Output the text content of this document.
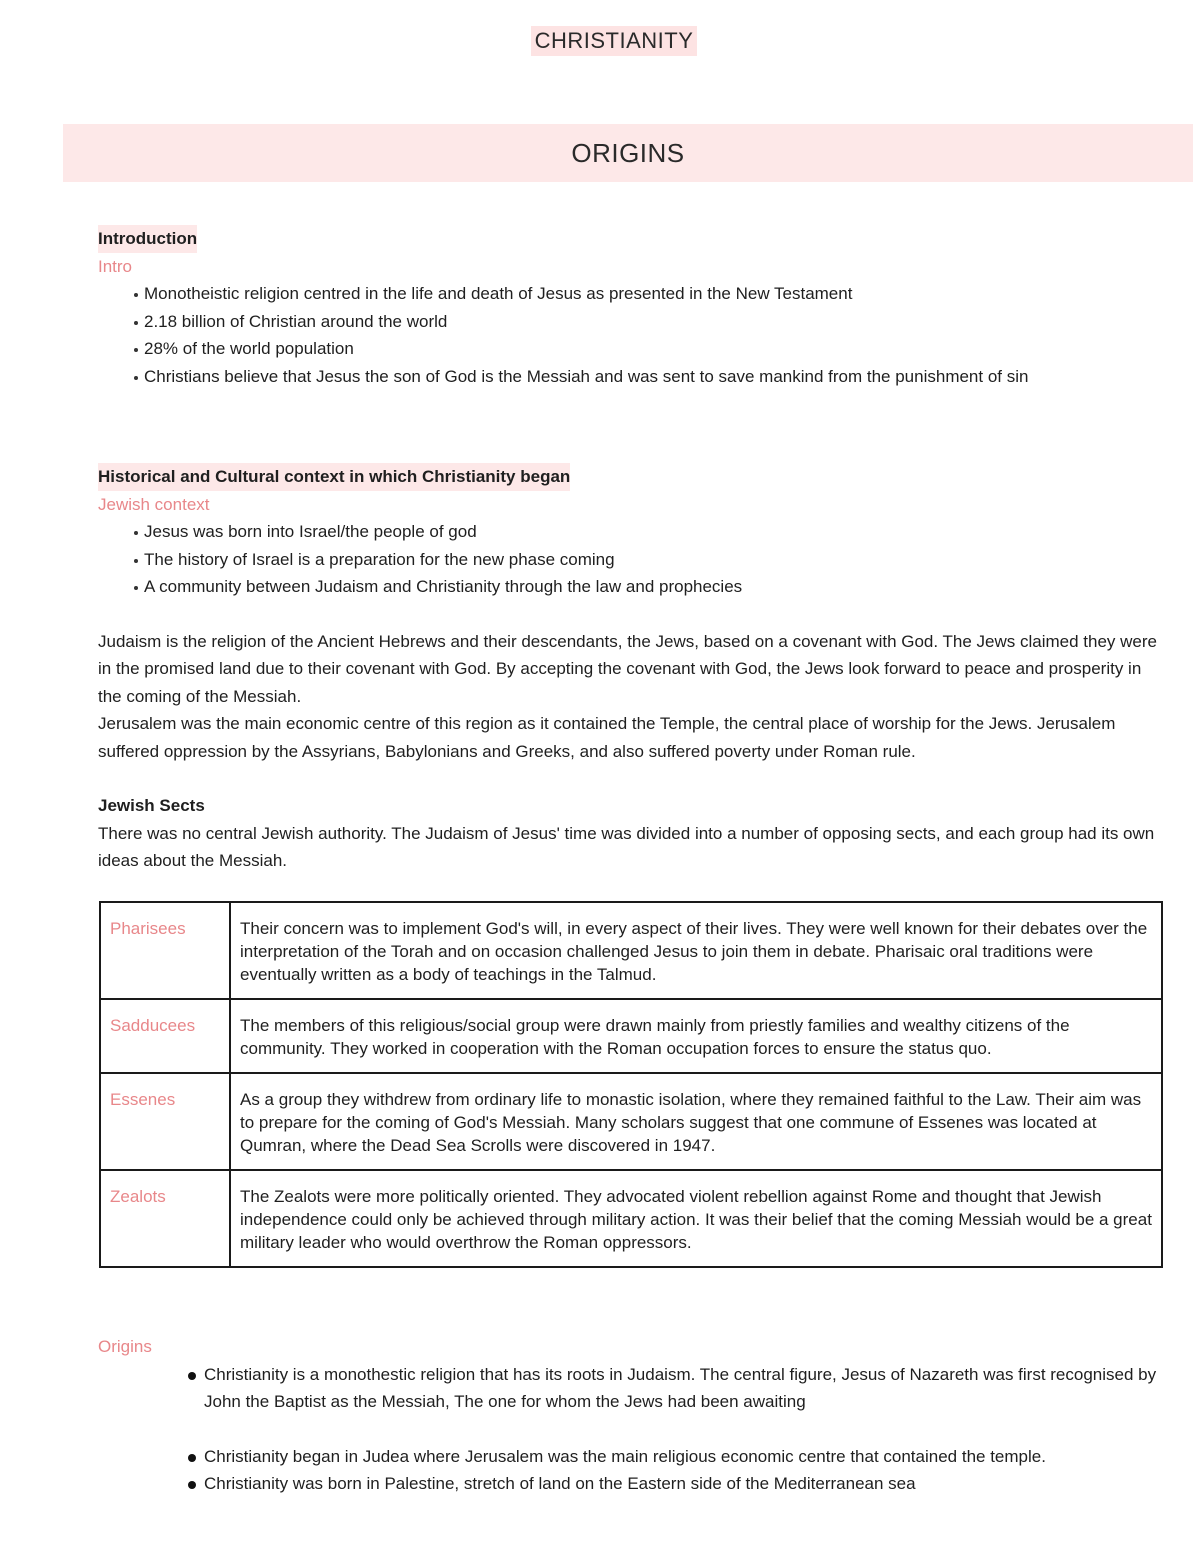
CHRISTIANITY
ORIGINS
Introduction
Intro
Monotheistic religion centred in the life and death of Jesus as presented in the New Testament
2.18 billion of Christian around the world
28% of the world population
Christians believe that Jesus the son of God is the Messiah and was sent to save mankind from the punishment of sin
Historical and Cultural context in which Christianity began
Jewish context
Jesus was born into Israel/the people of god
The history of Israel is a preparation for the new phase coming
A community between Judaism and Christianity through the law and prophecies

Judaism is the religion of the Ancient Hebrews and their descendants, the Jews, based on a covenant with God. The Jews claimed they were in the promised land due to their covenant with God. By accepting the covenant with God, the Jews look forward to peace and prosperity in the coming of the Messiah.

Jerusalem was the main economic centre of this region as it contained the Temple, the central place of worship for the Jews. Jerusalem suffered oppression by the Assyrians, Babylonians and Greeks, and also suffered poverty under Roman rule.

Jewish Sects

There was no central Jewish authority. The Judaism of Jesus' time was divided into a number of opposing sects, and each group had its own ideas about the Messiah.

Pharisees	Their concern was to implement God's will, in every aspect of their lives. They were well known for their debates over the interpretation of the Torah and on occasion challenged Jesus to join them in debate. Pharisaic oral traditions were eventually written as a body of teachings in the Talmud.
Sadducees	The members of this religious/social group were drawn mainly from priestly families and wealthy citizens of the community. They worked in cooperation with the Roman occupation forces to ensure the status quo.
Essenes	As a group they withdrew from ordinary life to monastic isolation, where they remained faithful to the Law. Their aim was to prepare for the coming of God's Messiah. Many scholars suggest that one commune of Essenes was located at Qumran, where the Dead Sea Scrolls were discovered in 1947.
Zealots	The Zealots were more politically oriented. They advocated violent rebellion against Rome and thought that Jewish independence could only be achieved through military action. It was their belief that the coming Messiah would be a great military leader who would overthrow the Roman oppressors.
Origins
Christianity is a monothestic religion that has its roots in Judaism. The central figure, Jesus of Nazareth was first recognised by John the Baptist as the Messiah, The one for whom the Jews had been awaiting
Christianity began in Judea where Jerusalem was the main religious economic centre that contained the temple.
Christianity was born in Palestine, stretch of land on the Eastern side of the Mediterranean sea
